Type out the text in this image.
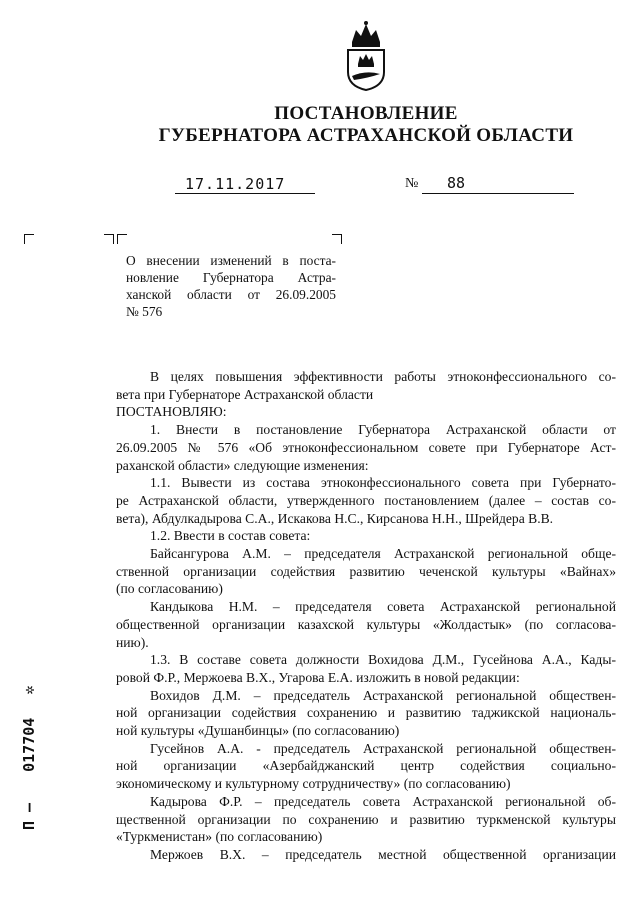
ПОСТАНОВЛЕНИЕ
ГУБЕРНАТОРА АСТРАХАНСКОЙ ОБЛАСТИ
17.11.2017	№ 88
О внесении изменений в поста-
новление Губернатора Астра-
ханской области от 26.09.2005
№ 576
В целях повышения эффективности работы этноконфессионального со-
вета при Губернаторе Астраханской области
ПОСТАНОВЛЯЮ:
1. Внести в постановление Губернатора Астраханской области от
26.09.2005 № 576 «Об этноконфессиональном совете при Губернаторе Аст-
раханской области» следующие изменения:
1.1. Вывести из состава этноконфессионального совета при Губернато-
ре Астраханской области, утвержденного постановлением (далее – состав со-
вета), Абдулкадырова С.А., Искакова Н.С., Кирсанова Н.Н., Шрейдера В.В.
1.2. Ввести в состав совета:
Байсангурова А.М. – председателя Астраханской региональной обще-
ственной организации содействия развитию чеченской культуры «Вайнах»
(по согласованию)
Кандыкова Н.М. – председателя совета Астраханской региональной
общественной организации казахской культуры «Жолдастык» (по согласова-
нию).
1.3. В составе совета должности Вохидова Д.М., Гусейнова А.А., Кады-
ровой Ф.Р., Мержоева В.Х., Угарова Е.А. изложить в новой редакции:
Вохидов Д.М. – председатель Астраханской региональной обществен-
ной организации содействия сохранению и развитию таджикской националь-
ной культуры «Душанбинцы» (по согласованию)
Гусейнов А.А. - председатель Астраханской региональной обществен-
ной организации «Азербайджанский центр содействия социально-
экономическому и культурному сотрудничеству» (по согласованию)
Кадырова Ф.Р. – председатель совета Астраханской региональной об-
щественной организации по сохранению и развитию туркменской культуры
«Туркменистан» (по согласованию)
Мержоев В.Х. – председатель местной общественной организации
П – 017704 ✲
